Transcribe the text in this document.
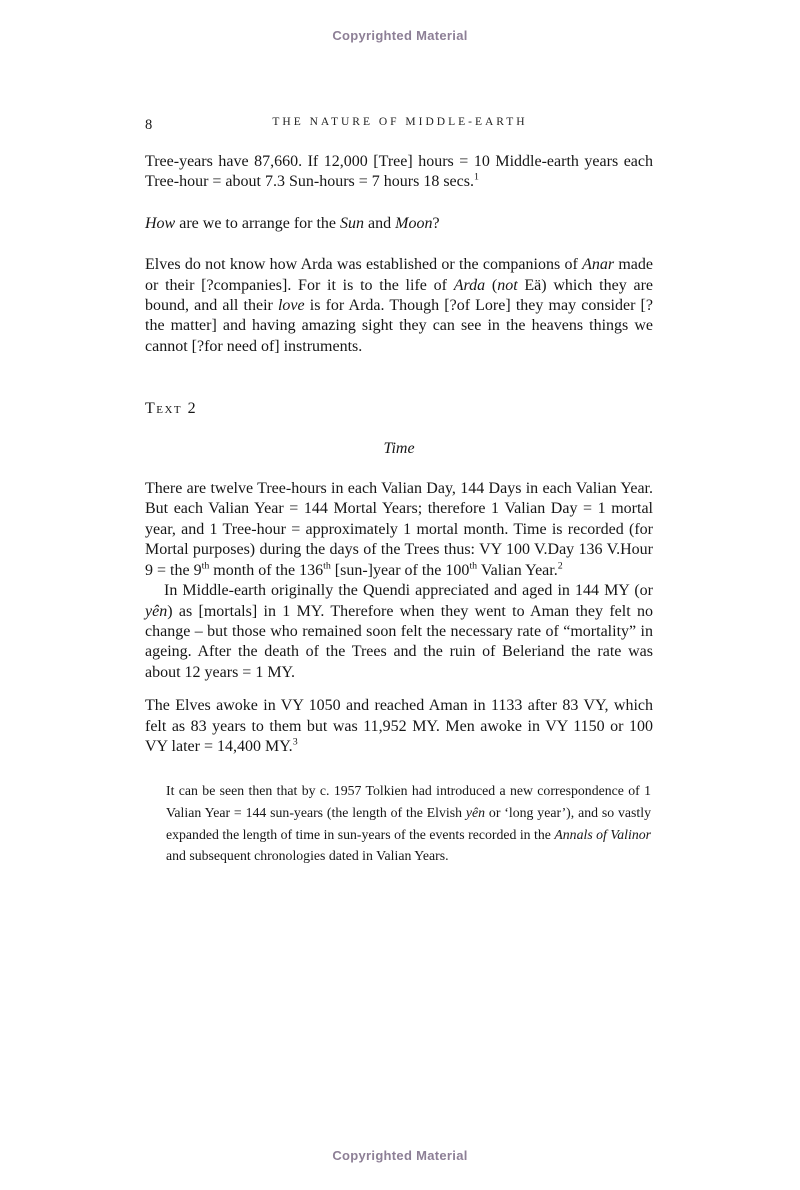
Copyrighted Material
8	THE NATURE OF MIDDLE-EARTH

Tree-years have 87,660. If 12,000 [Tree] hours = 10 Middle-earth years each Tree-hour = about 7.3 Sun-hours = 7 hours 18 secs.$^1$

How are we to arrange for the Sun and Moon?

Elves do not know how Arda was established or the companions of Anar made or their [?companies]. For it is to the life of Arda (not Eä) which they are bound, and all their love is for Arda. Though [?of Lore] they may consider [?the matter] and having amazing sight they can see in the heavens things we cannot [?for need of] instruments.

Text 2
Time

There are twelve Tree-hours in each Valian Day, 144 Days in each Valian Year. But each Valian Year = 144 Mortal Years; therefore 1 Valian Day = 1 mortal year, and 1 Tree-hour = approximately 1 mortal month. Time is recorded (for Mortal purposes) during the days of the Trees thus: VY 100 V.Day 136 V.Hour 9 = the 9th month of the 136th [sun-]year of the 100th Valian Year.$^2$

In Middle-earth originally the Quendi appreciated and aged in 144 MY (or yên) as [mortals] in 1 MY. Therefore when they went to Aman they felt no change – but those who remained soon felt the necessary rate of “mortality” in ageing. After the death of the Trees and the ruin of Beleriand the rate was about 12 years = 1 MY.

The Elves awoke in VY 1050 and reached Aman in 1133 after 83 VY, which felt as 83 years to them but was 11,952 MY. Men awoke in VY 1150 or 100 VY later = 14,400 MY.$^3$

It can be seen then that by c. 1957 Tolkien had introduced a new correspondence of 1 Valian Year = 144 sun-years (the length of the Elvish yên or ‘long year’), and so vastly expanded the length of time in sun-years of the events recorded in the Annals of Valinor and subsequent chronologies dated in Valian Years.

Copyrighted Material
